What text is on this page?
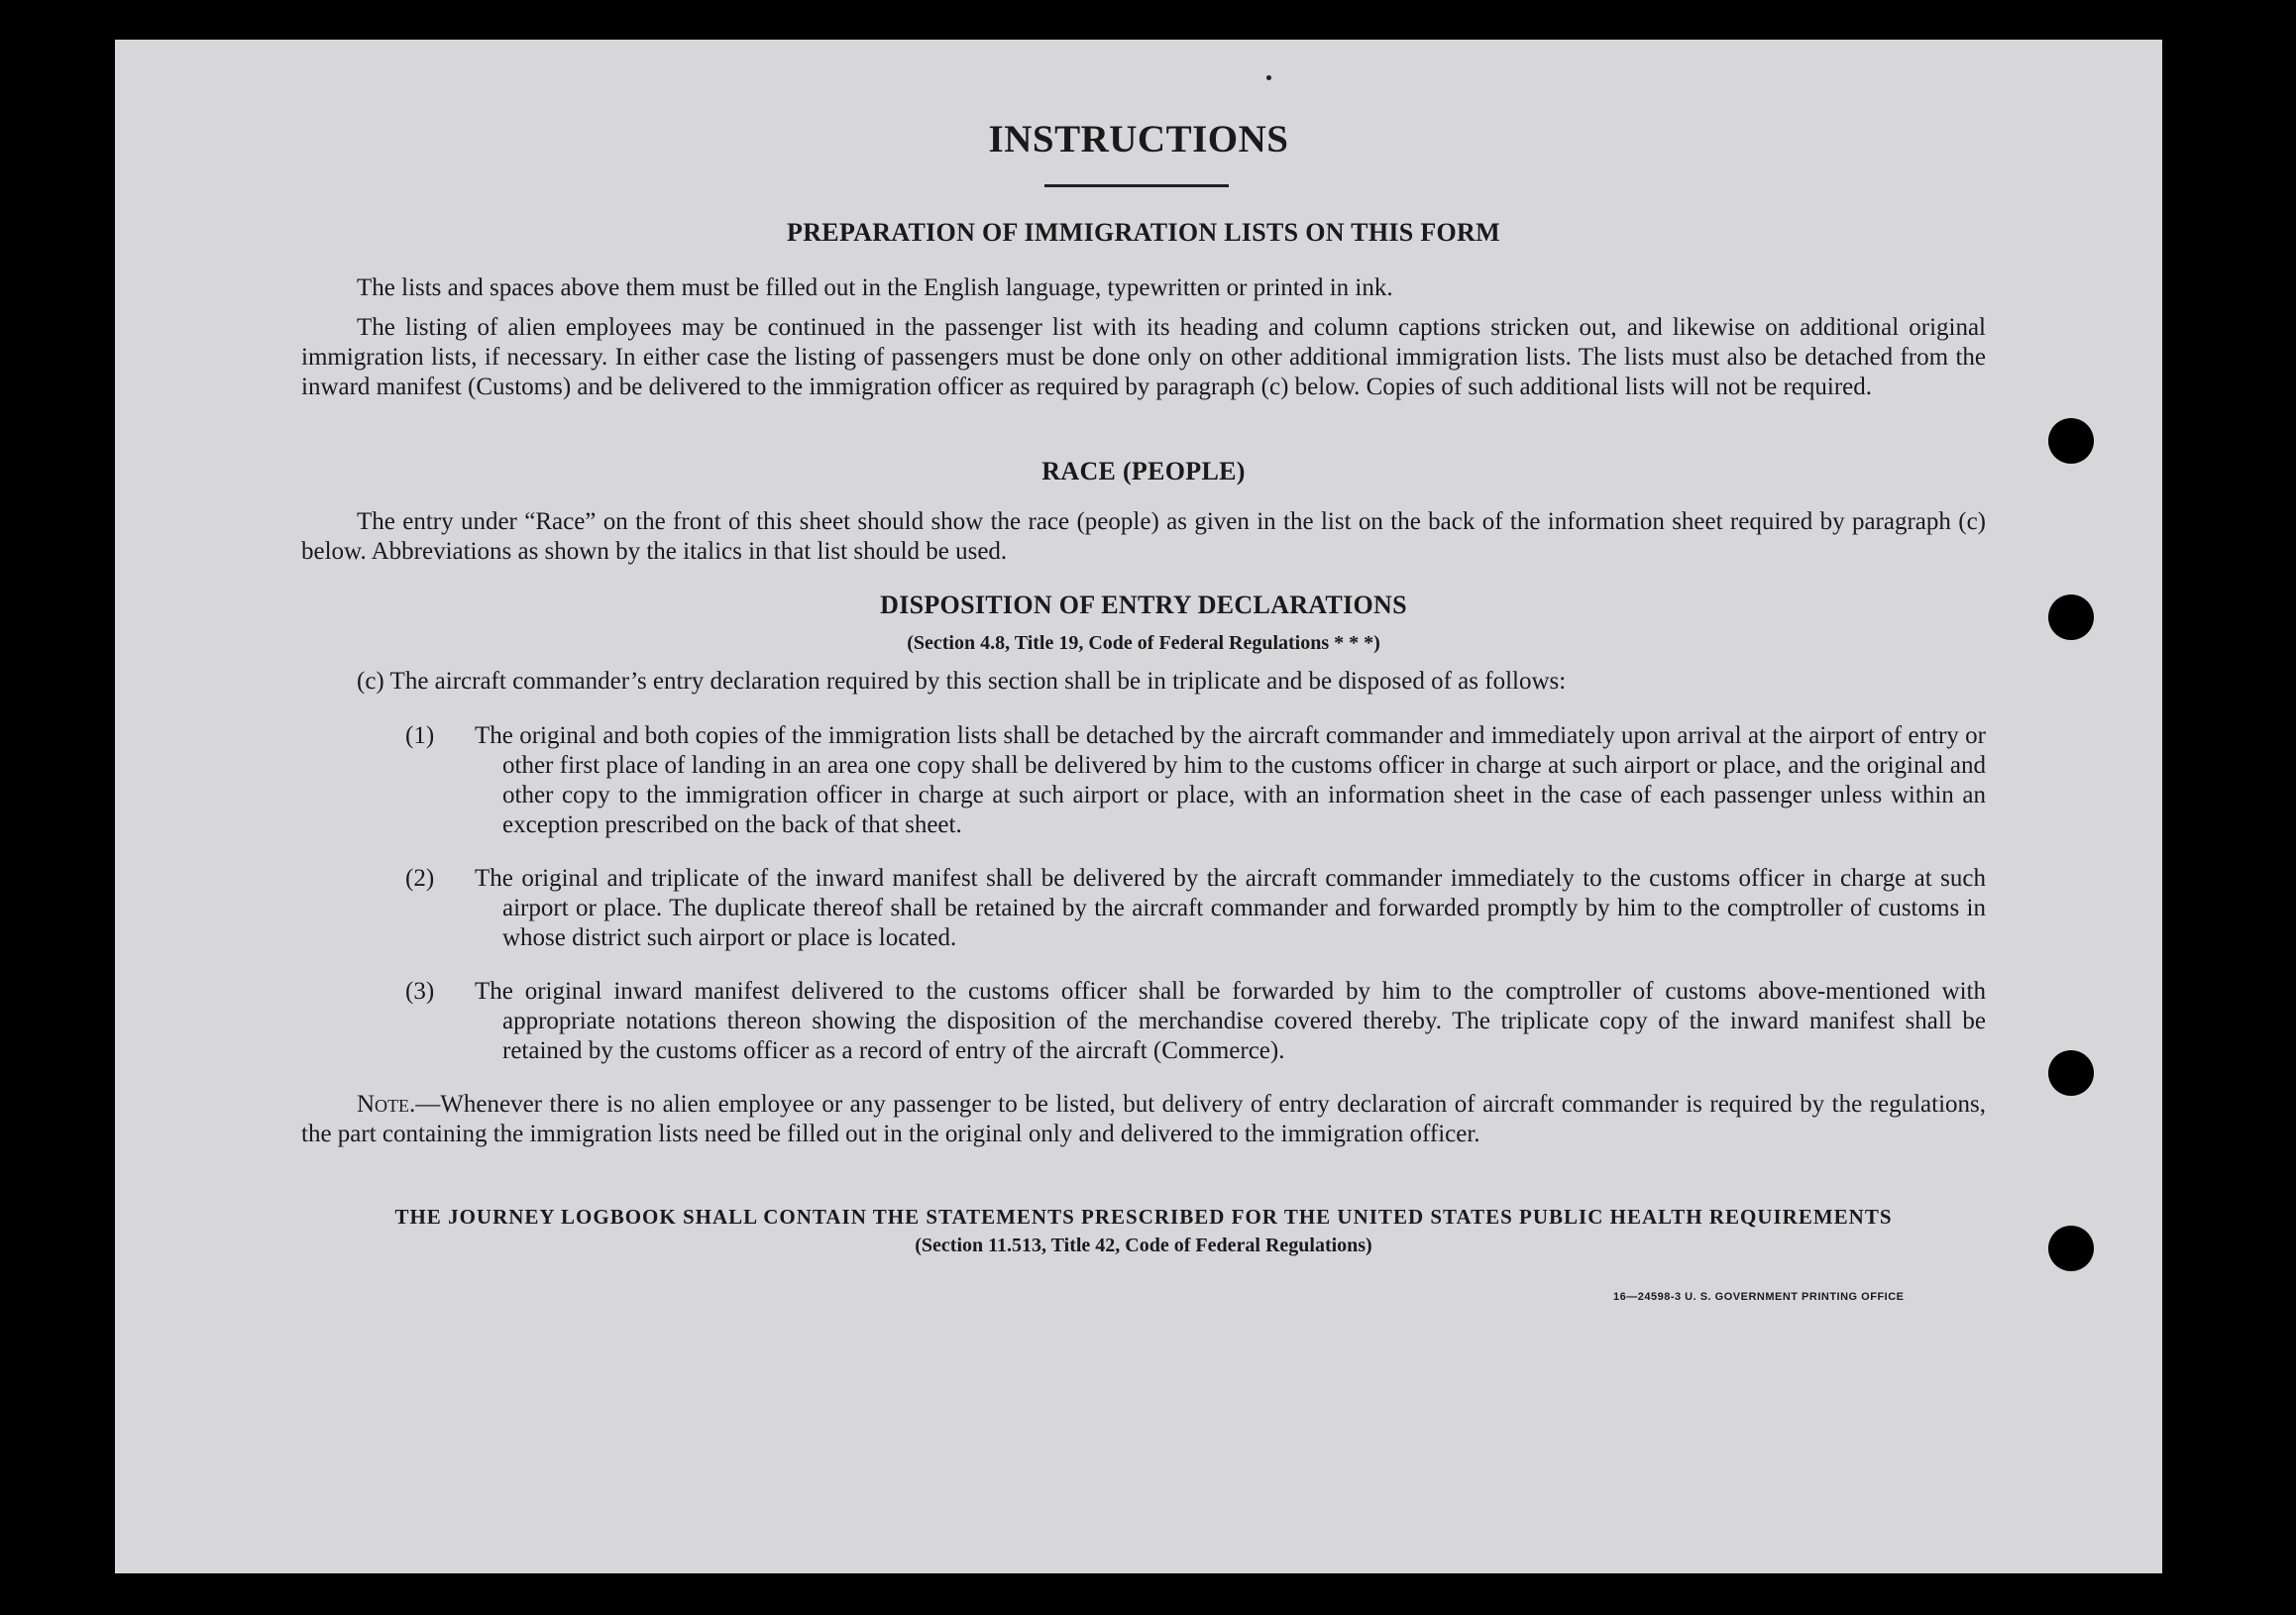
INSTRUCTIONS
PREPARATION OF IMMIGRATION LISTS ON THIS FORM

The lists and spaces above them must be filled out in the English language, typewritten or printed in ink.

The listing of alien employees may be continued in the passenger list with its heading and column captions stricken out, and likewise on additional original immigration lists, if necessary. In either case the listing of passengers must be done only on other additional immigration lists. The lists must also be detached from the inward manifest (Customs) and be delivered to the immigration officer as required by paragraph (c) below. Copies of such additional lists will not be required.

RACE (PEOPLE)

The entry under “Race” on the front of this sheet should show the race (people) as given in the list on the back of the information sheet required by paragraph (c) below. Abbreviations as shown by the italics in that list should be used.

DISPOSITION OF ENTRY DECLARATIONS
(Section 4.8, Title 19, Code of Federal Regulations * * *)

(c) The aircraft commander’s entry declaration required by this section shall be in triplicate and be disposed of as follows:

(1) The original and both copies of the immigration lists shall be detached by the aircraft commander and immediately upon arrival at the airport of entry or other first place of landing in an area one copy shall be delivered by him to the customs officer in charge at such airport or place, and the original and other copy to the immigration officer in charge at such airport or place, with an information sheet in the case of each passenger unless within an exception prescribed on the back of that sheet.

(2) The original and triplicate of the inward manifest shall be delivered by the aircraft commander immediately to the customs officer in charge at such airport or place. The duplicate thereof shall be retained by the aircraft commander and forwarded promptly by him to the comptroller of customs in whose district such airport or place is located.

(3) The original inward manifest delivered to the customs officer shall be forwarded by him to the comptroller of customs above-mentioned with appropriate notations thereon showing the disposition of the merchandise covered thereby. The triplicate copy of the inward manifest shall be retained by the customs officer as a record of entry of the aircraft (Commerce).

Note.—Whenever there is no alien employee or any passenger to be listed, but delivery of entry declaration of aircraft commander is required by the regulations, the part containing the immigration lists need be filled out in the original only and delivered to the immigration officer.

THE JOURNEY LOGBOOK SHALL CONTAIN THE STATEMENTS PRESCRIBED FOR THE UNITED STATES PUBLIC HEALTH REQUIREMENTS
(Section 11.513, Title 42, Code of Federal Regulations)
16—24598-3 U. S. GOVERNMENT PRINTING OFFICE
